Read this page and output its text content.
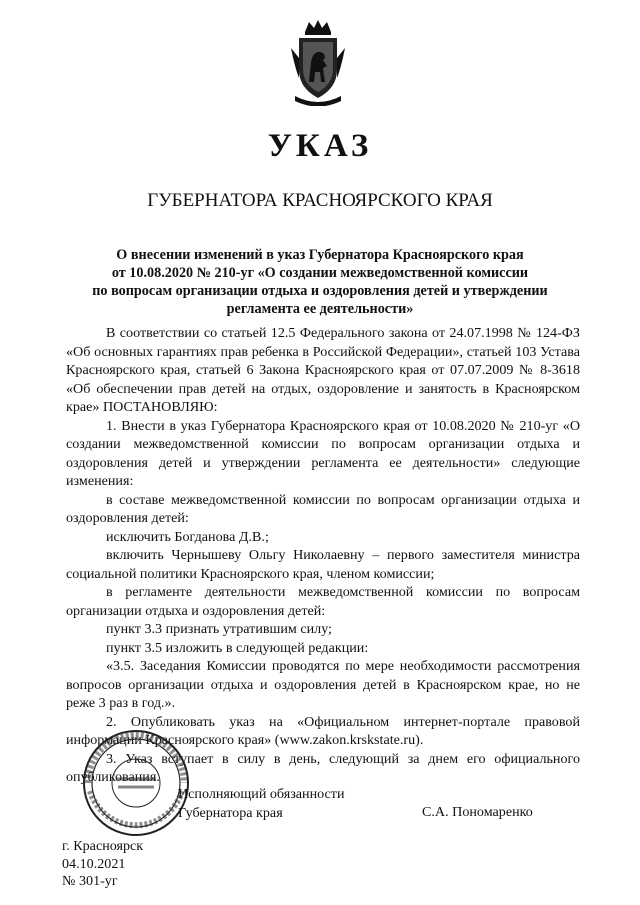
УКАЗ
ГУБЕРНАТОРА КРАСНОЯРСКОГО КРАЯ
О внесении изменений в указ Губернатора Красноярского края
от 10.08.2020 № 210-уг «О создании межведомственной комиссии
по вопросам организации отдыха и оздоровления детей и утверждении
регламента ее деятельности»

В соответствии со статьей 12.5 Федерального закона от 24.07.1998 № 124-ФЗ «Об основных гарантиях прав ребенка в Российской Федерации», статьей 103 Устава Красноярского края, статьей 6 Закона Красноярского края от 07.07.2009 № 8-3618 «Об обеспечении прав детей на отдых, оздоровление и занятость в Красноярском крае» ПОСТАНОВЛЯЮ:

1. Внести в указ Губернатора Красноярского края от 10.08.2020 № 210-уг «О создании межведомственной комиссии по вопросам организации отдыха и оздоровления детей и утверждении регламента ее деятельности» следующие изменения:

в составе межведомственной комиссии по вопросам организации отдыха и оздоровления детей:

исключить Богданова Д.В.;

включить Чернышеву Ольгу Николаевну – первого заместителя министра социальной политики Красноярского края, членом комиссии;

в регламенте деятельности межведомственной комиссии по вопросам организации отдыха и оздоровления детей:

пункт 3.3 признать утратившим силу;

пункт 3.5 изложить в следующей редакции:

«3.5. Заседания Комиссии проводятся по мере необходимости рассмотрения вопросов организации отдыха и оздоровления детей в Красноярском крае, но не реже 3 раз в год.».

2. Опубликовать указ на «Официальном интернет-портале правовой информации Красноярского края» (www.zakon.krskstate.ru).

3. Указ вступает в силу в день, следующий за днем его официального опубликования.

Исполняющий обязанности
Губернатора края	С.А. Пономаренко
г. Красноярск
04.10.2021
№ 301-уг
